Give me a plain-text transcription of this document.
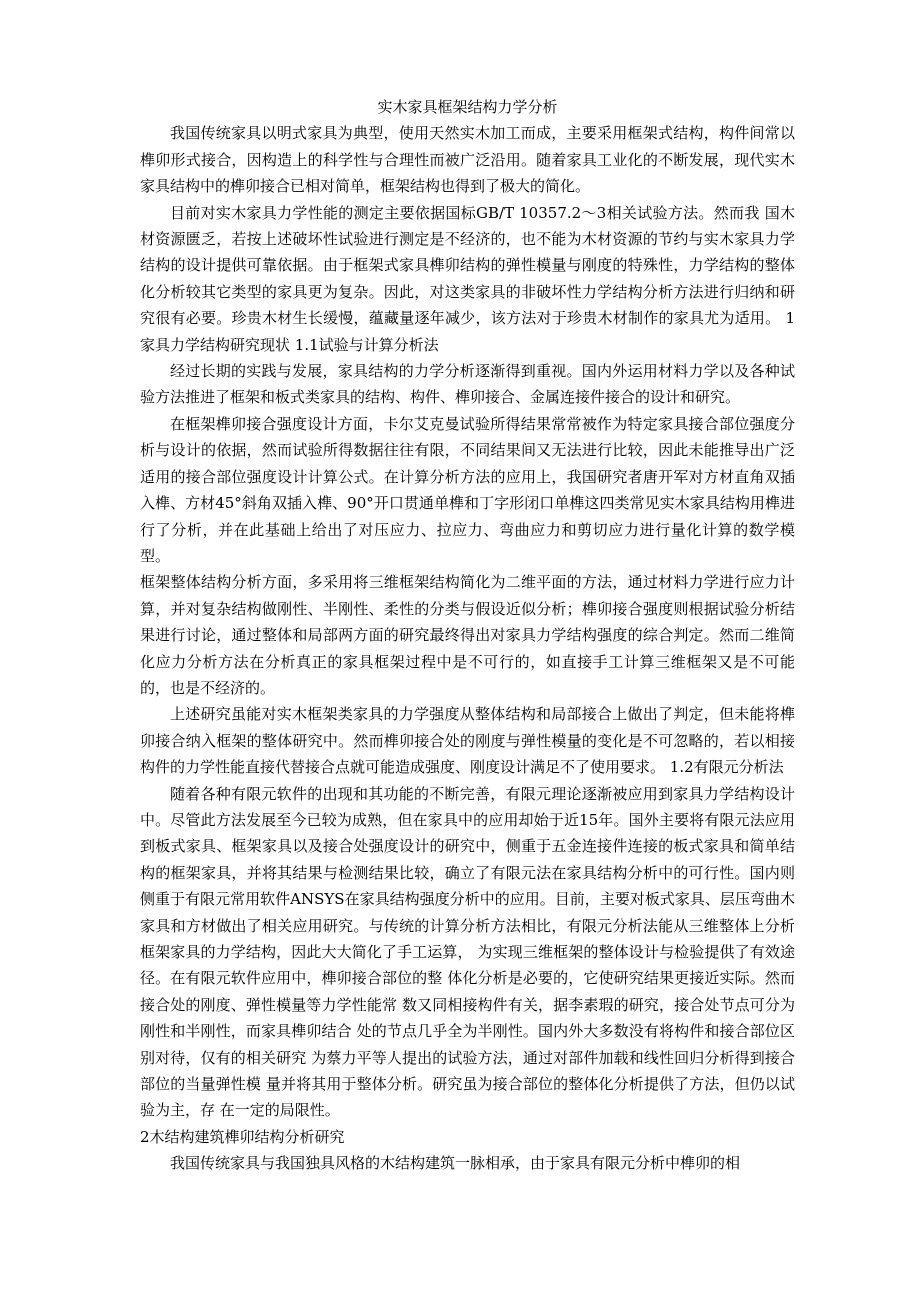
实木家具框架结构力学分析

我国传统家具以明式家具为典型，使用天然实木加工而成，主要采用框架式结构，构件间常以榫卯形式接合，因构造上的科学性与合理性而被广泛沿用。随着家具工业化的不断发展，现代实木家具结构中的榫卯接合已相对简单，框架结构也得到了极大的简化。

目前对实木家具力学性能的测定主要依据国标GB/T 10357.2～3相关试验方法。然而我 国木材资源匮乏，若按上述破坏性试验进行测定是不经济的，也不能为木材资源的节约与实木家具力学结构的设计提供可靠依据。由于框架式家具榫卯结构的弹性模量与刚度的特殊性，力学结构的整体化分析较其它类型的家具更为复杂。因此，对这类家具的非破坏性力学结构分析方法进行归纳和研究很有必要。珍贵木材生长缓慢，蕴藏量逐年减少，该方法对于珍贵木材制作的家具尤为适用。 1家具力学结构研究现状 1.1试验与计算分析法

经过长期的实践与发展，家具结构的力学分析逐渐得到重视。国内外运用材料力学以及各种试验方法推进了框架和板式类家具的结构、构件、榫卯接合、金属连接件接合的设计和研究。

在框架榫卯接合强度设计方面，卡尔艾克曼试验所得结果常常被作为特定家具接合部位强度分析与设计的依据，然而试验所得数据往往有限，不同结果间又无法进行比较，因此未能推导出广泛适用的接合部位强度设计计算公式。在计算分析方法的应用上，我国研究者唐开军对方材直角双插入榫、方材45°斜角双插入榫、90°开口贯通单榫和丁字形闭口单榫这四类常见实木家具结构用榫进行了分析，并在此基础上给出了对压应力、拉应力、弯曲应力和剪切应力进行量化计算的数学模型。

框架整体结构分析方面，多采用将三维框架结构简化为二维平面的方法，通过材料力学进行应力计算，并对复杂结构做刚性、半刚性、柔性的分类与假设近似分析；榫卯接合强度则根据试验分析结果进行讨论，通过整体和局部两方面的研究最终得出对家具力学结构强度的综合判定。然而二维简化应力分析方法在分析真正的家具框架过程中是不可行的，如直接手工计算三维框架又是不可能的，也是不经济的。

上述研究虽能对实木框架类家具的力学强度从整体结构和局部接合上做出了判定，但未能将榫卯接合纳入框架的整体研究中。然而榫卯接合处的刚度与弹性模量的变化是不可忽略的，若以相接构件的力学性能直接代替接合点就可能造成强度、刚度设计满足不了使用要求。 1.2有限元分析法

随着各种有限元软件的出现和其功能的不断完善，有限元理论逐渐被应用到家具力学结构设计中。尽管此方法发展至今已较为成熟，但在家具中的应用却始于近15年。国外主要将有限元法应用到板式家具、框架家具以及接合处强度设计的研究中，侧重于五金连接件连接的板式家具和简单结构的框架家具，并将其结果与检测结果比较，确立了有限元法在家具结构分析中的可行性。国内则侧重于有限元常用软件ANSYS在家具结构强度分析中的应用。目前，主要对板式家具、层压弯曲木家具和方材做出了相关应用研究。与传统的计算分析方法相比，有限元分析法能从三维整体上分析框架家具的力学结构，因此大大简化了手工运算， 为实现三维框架的整体设计与检验提供了有效途径。在有限元软件应用中，榫卯接合部位的整 体化分析是必要的，它使研究结果更接近实际。然而接合处的刚度、弹性模量等力学性能常 数又同相接构件有关，据李素瑕的研究，接合处节点可分为刚性和半刚性，而家具榫卯结合 处的节点几乎全为半刚性。国内外大多数没有将构件和接合部位区别对待，仅有的相关研究 为蔡力平等人提出的试验方法，通过对部件加载和线性回归分析得到接合部位的当量弹性模 量并将其用于整体分析。研究虽为接合部位的整体化分析提供了方法，但仍以试验为主，存 在一定的局限性。

2木结构建筑榫卯结构分析研究

我国传统家具与我国独具风格的木结构建筑一脉相承，由于家具有限元分析中榫卯的相
